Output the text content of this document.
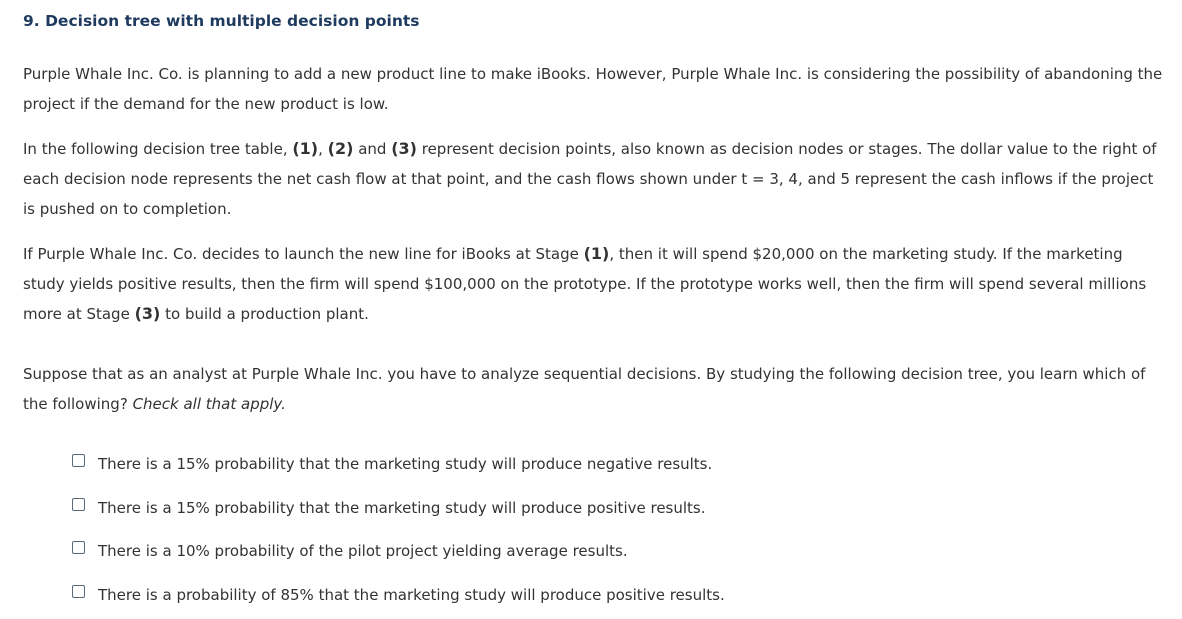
9. Decision tree with multiple decision points

Purple Whale Inc. Co. is planning to add a new product line to make iBooks. However, Purple Whale Inc. is considering the possibility of abandoning the project if the demand for the new product is low.

In the following decision tree table, (1), (2) and (3) represent decision points, also known as decision nodes or stages. The dollar value to the right of each decision node represents the net cash flow at that point, and the cash flows shown under t = 3, 4, and 5 represent the cash inflows if the project is pushed on to completion.

If Purple Whale Inc. Co. decides to launch the new line for iBooks at Stage (1), then it will spend $20,000 on the marketing study. If the marketing study yields positive results, then the firm will spend $100,000 on the prototype. If the prototype works well, then the firm will spend several millions more at Stage (3) to build a production plant.

Suppose that as an analyst at Purple Whale Inc. you have to analyze sequential decisions. By studying the following decision tree, you learn which of the following? Check all that apply.

There is a 15% probability that the marketing study will produce negative results.
There is a 15% probability that the marketing study will produce positive results.
There is a 10% probability of the pilot project yielding average results.
There is a probability of 85% that the marketing study will produce positive results.
